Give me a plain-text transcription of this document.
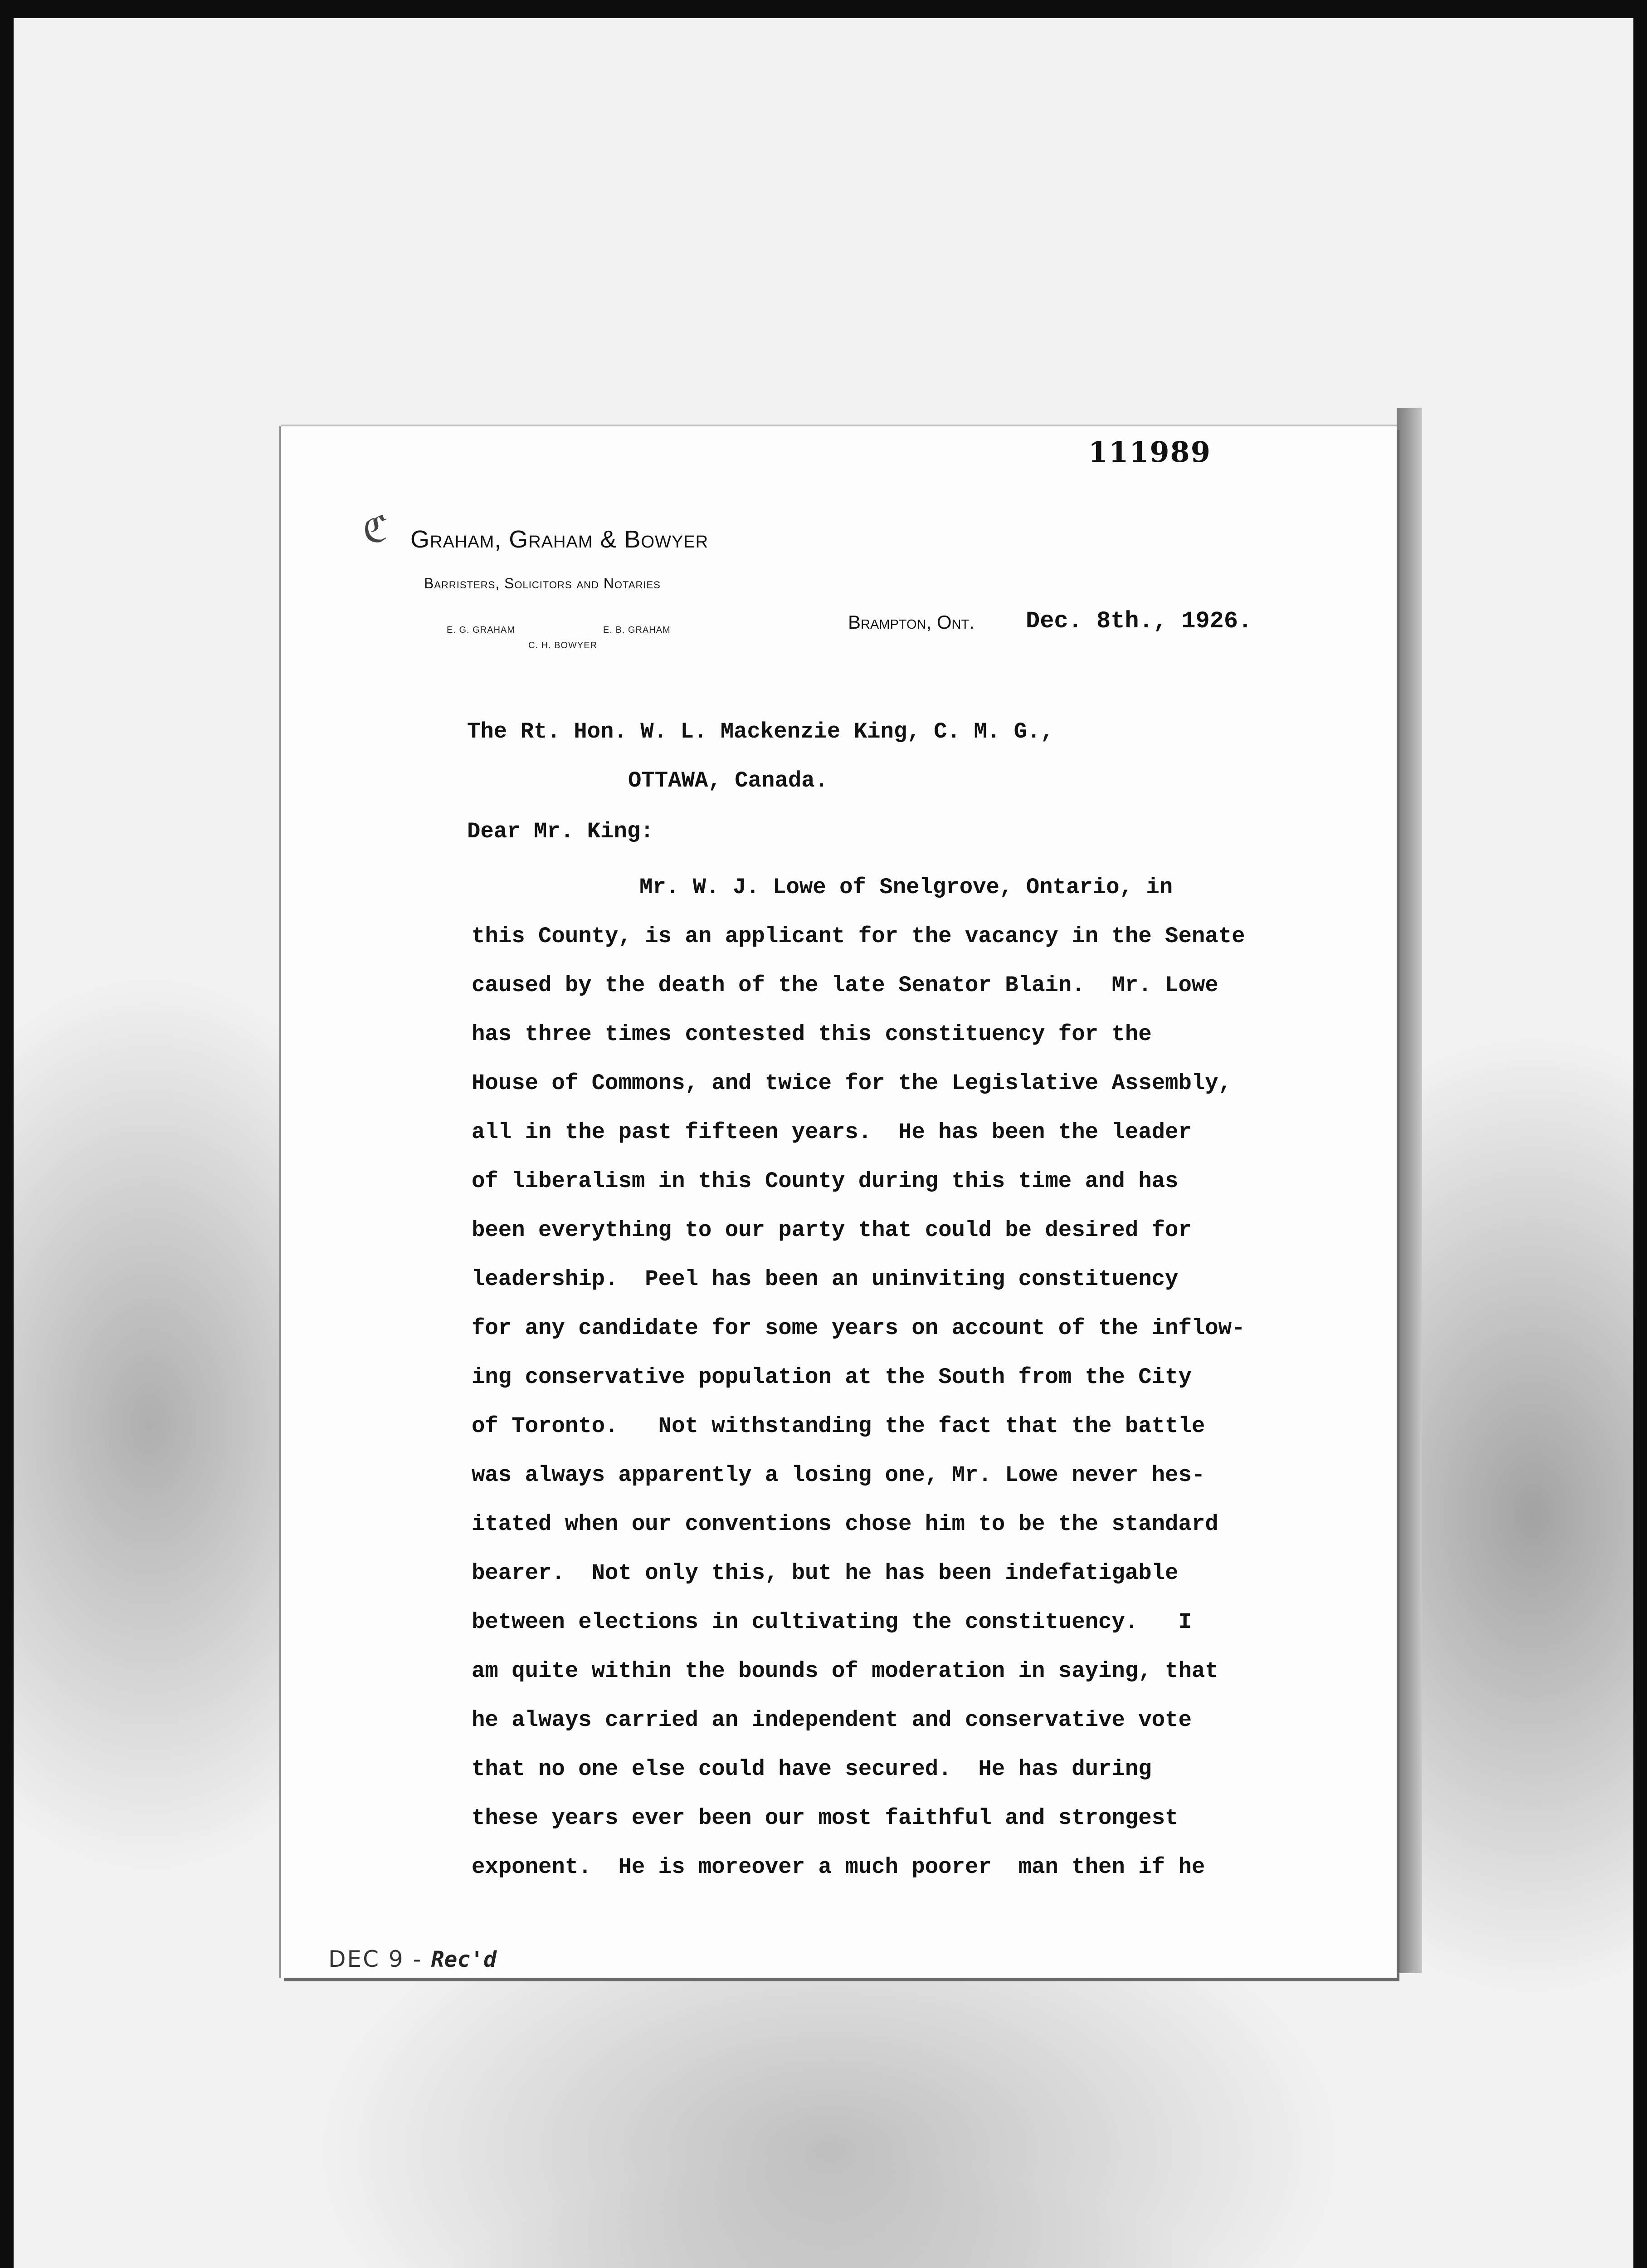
111989
ℭ Graham, Graham & Bowyer
Barristers, Solicitors and Notaries
E. G. GRAHAM	E. B. GRAHAM
C. H. BOWYER
Brampton, Ont. Dec. 8th., 1926.
The Rt. Hon. W. L. Mackenzie King, C. M. G.,
OTTAWA, Canada.
Dear Mr. King:
Mr. W. J. Lowe of Snelgrove, Ontario, in
this County, is an applicant for the vacancy in the Senate
caused by the death of the late Senator Blain.  Mr. Lowe
has three times contested this constituency for the
House of Commons, and twice for the Legislative Assembly,
all in the past fifteen years.  He has been the leader
of liberalism in this County during this time and has
been everything to our party that could be desired for
leadership.  Peel has been an uninviting constituency
for any candidate for some years on account of the inflow-
ing conservative population at the South from the City
of Toronto.   Not withstanding the fact that the battle
was always apparently a losing one, Mr. Lowe never hes-
itated when our conventions chose him to be the standard
bearer.  Not only this, but he has been indefatigable
between elections in cultivating the constituency.   I
am quite within the bounds of moderation in saying, that
he always carried an independent and conservative vote
that no one else could have secured.  He has during
these years ever been our most faithful and strongest
exponent.  He is moreover a much poorer  man then if he
DEC 9 - Rec'd
